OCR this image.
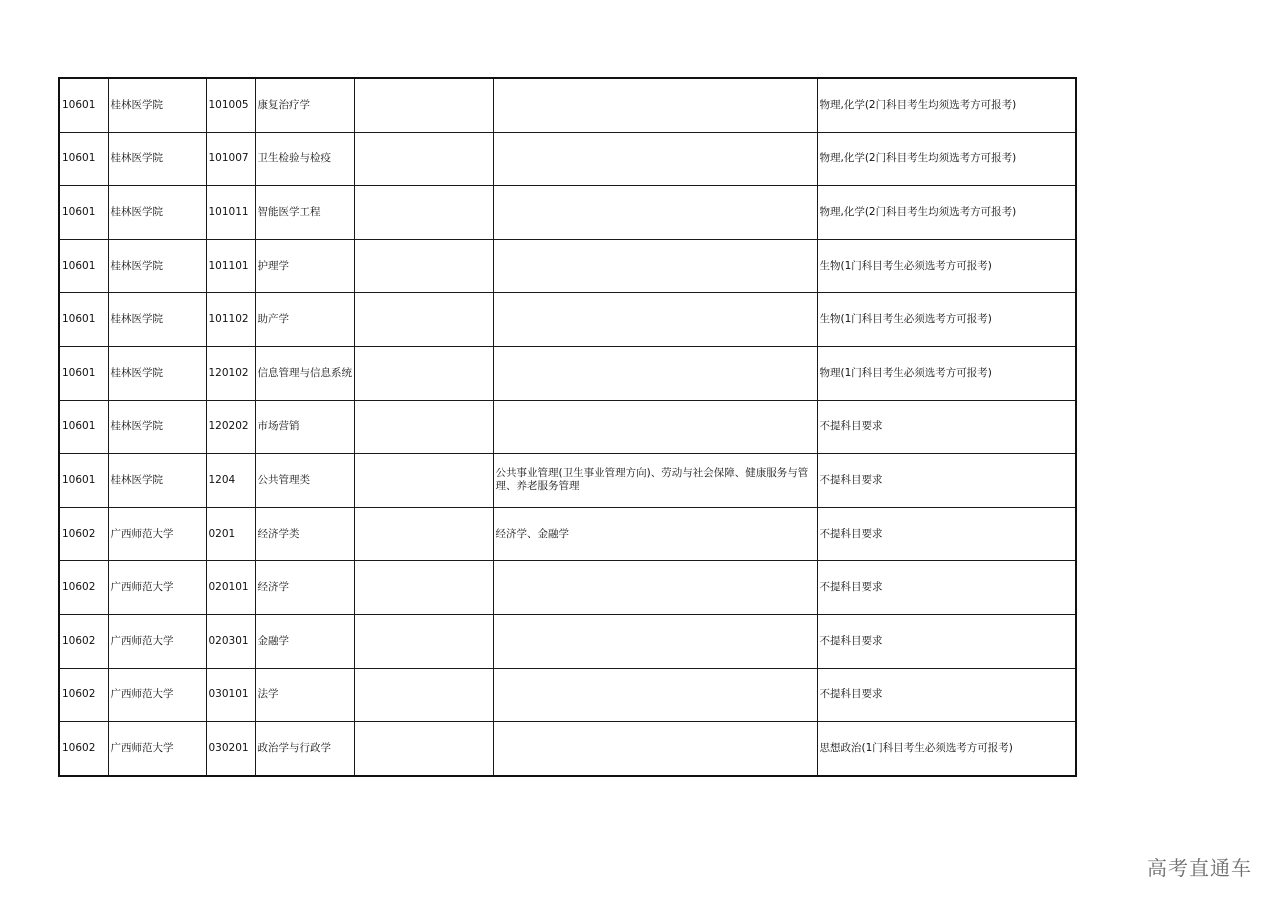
10601	桂林医学院	101005	康复治疗学			物理,化学(2门科目考生均须选考方可报考)
10601	桂林医学院	101007	卫生检验与检疫			物理,化学(2门科目考生均须选考方可报考)
10601	桂林医学院	101011	智能医学工程			物理,化学(2门科目考生均须选考方可报考)
10601	桂林医学院	101101	护理学			生物(1门科目考生必须选考方可报考)
10601	桂林医学院	101102	助产学			生物(1门科目考生必须选考方可报考)
10601	桂林医学院	120102	信息管理与信息系统			物理(1门科目考生必须选考方可报考)
10601	桂林医学院	120202	市场营销			不提科目要求
10601	桂林医学院	1204	公共管理类		公共事业管理(卫生事业管理方向)、劳动与社会保障、健康服务与管理、养老服务管理	不提科目要求
10602	广西师范大学	0201	经济学类		经济学、金融学	不提科目要求
10602	广西师范大学	020101	经济学			不提科目要求
10602	广西师范大学	020301	金融学			不提科目要求
10602	广西师范大学	030101	法学			不提科目要求
10602	广西师范大学	030201	政治学与行政学			思想政治(1门科目考生必须选考方可报考)
高考直通车
